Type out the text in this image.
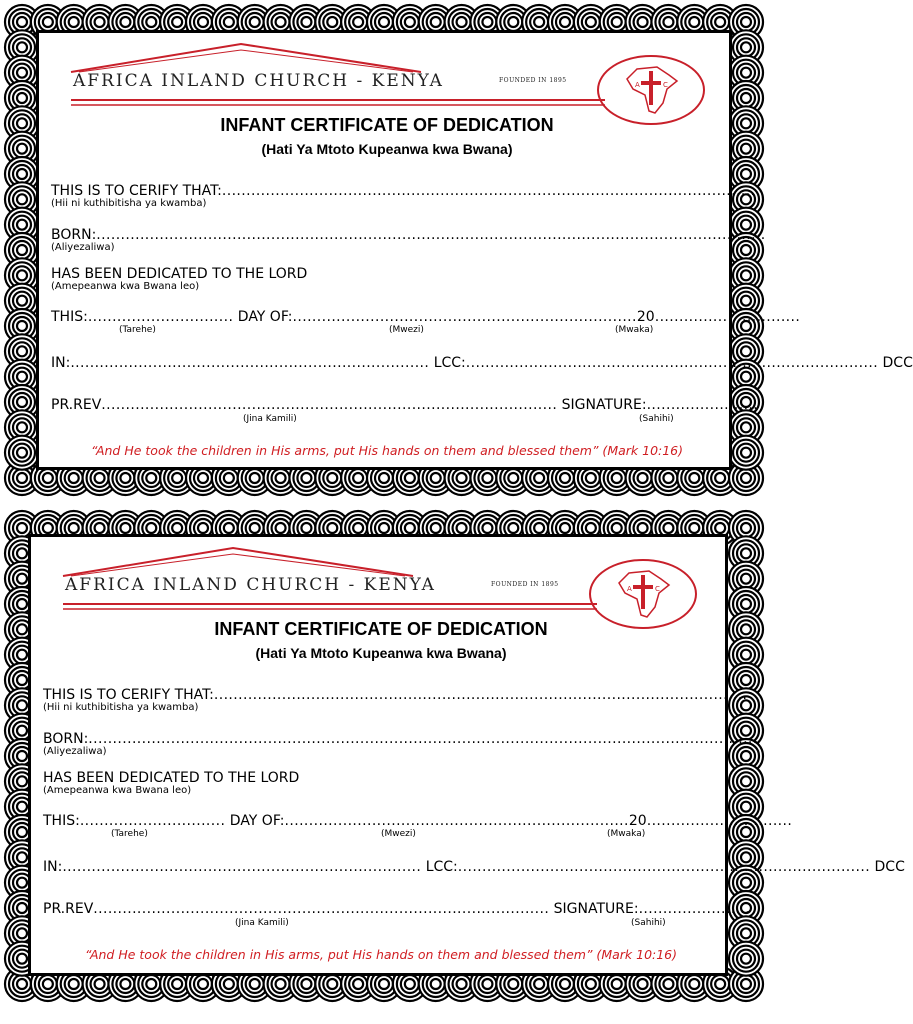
AFRICA INLAND CHURCH - KENYA	FOUNDED IN 1895
A	C
INFANT CERTIFICATE OF DEDICATION
(Hati Ya Mtoto Kupeanwa kwa Bwana)
THIS IS TO CERIFY THAT:..............................................................................................................
(Hii ni kuthibitisha ya kwamba)
BORN:..........................................................................................................................................
(Aliyezaliwa)
HAS BEEN DEDICATED TO THE LORD
(Amepeanwa kwa Bwana leo)
THIS:.............................. DAY OF:.......................................................................20..............................
(Tarehe)	(Mwezi)	(Mwaka)
IN:.......................................................................... LCC:..................................................................................... DCC
PR.REV.............................................................................................. SIGNATURE:.......................
(Jina Kamili)	(Sahihi)
“And He took the children in His arms, put His hands on them and blessed them” (Mark 10:16)
AFRICA INLAND CHURCH - KENYA	FOUNDED IN 1895
A	C
INFANT CERTIFICATE OF DEDICATION
(Hati Ya Mtoto Kupeanwa kwa Bwana)
THIS IS TO CERIFY THAT:..............................................................................................................
(Hii ni kuthibitisha ya kwamba)
BORN:..........................................................................................................................................
(Aliyezaliwa)
HAS BEEN DEDICATED TO THE LORD
(Amepeanwa kwa Bwana leo)
THIS:.............................. DAY OF:.......................................................................20..............................
(Tarehe)	(Mwezi)	(Mwaka)
IN:.......................................................................... LCC:..................................................................................... DCC
PR.REV.............................................................................................. SIGNATURE:.......................
(Jina Kamili)	(Sahihi)
“And He took the children in His arms, put His hands on them and blessed them” (Mark 10:16)
